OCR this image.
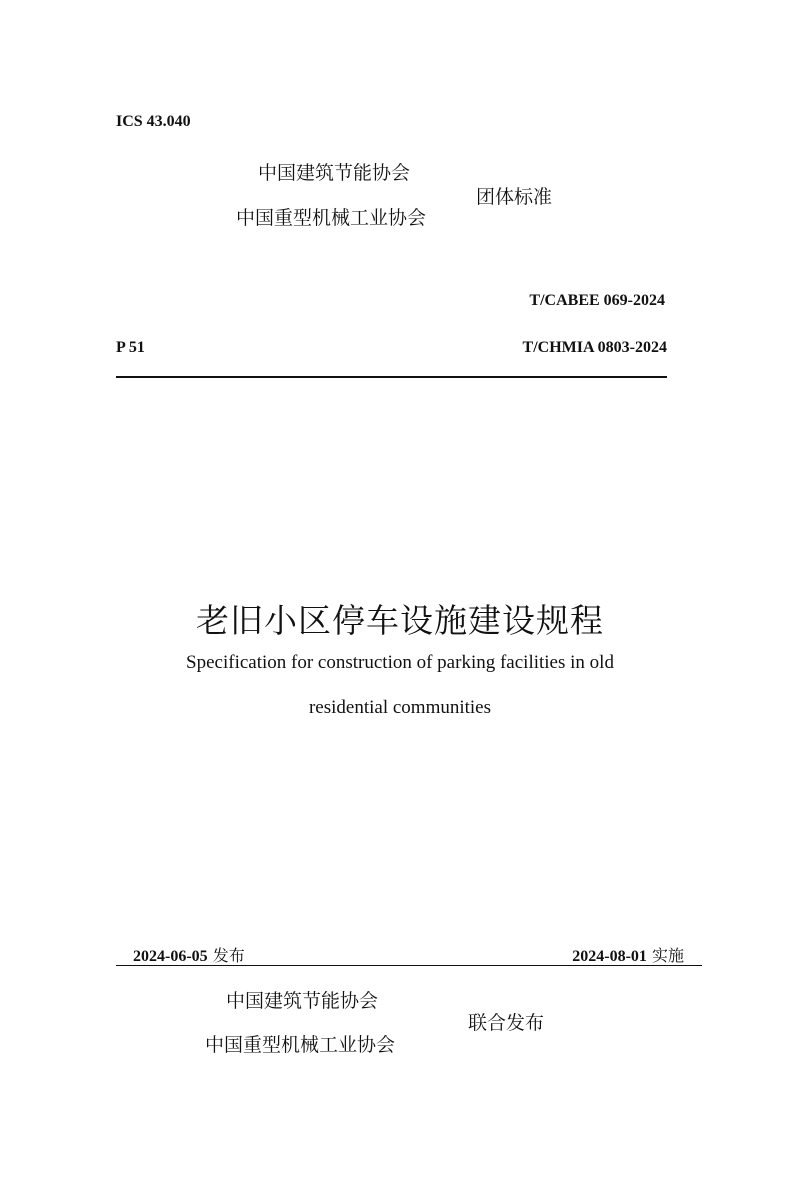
ICS 43.040
中国建筑节能协会
中国重型机械工业协会
团体标准
T/CABEE 069-2024
P 51	T/CHMIA 0803-2024
老旧小区停车设施建设规程
Specification for construction of parking facilities in old
residential communities
2024-06-05 发布	2024-08-01 实施
中国建筑节能协会
中国重型机械工业协会
联合发布
